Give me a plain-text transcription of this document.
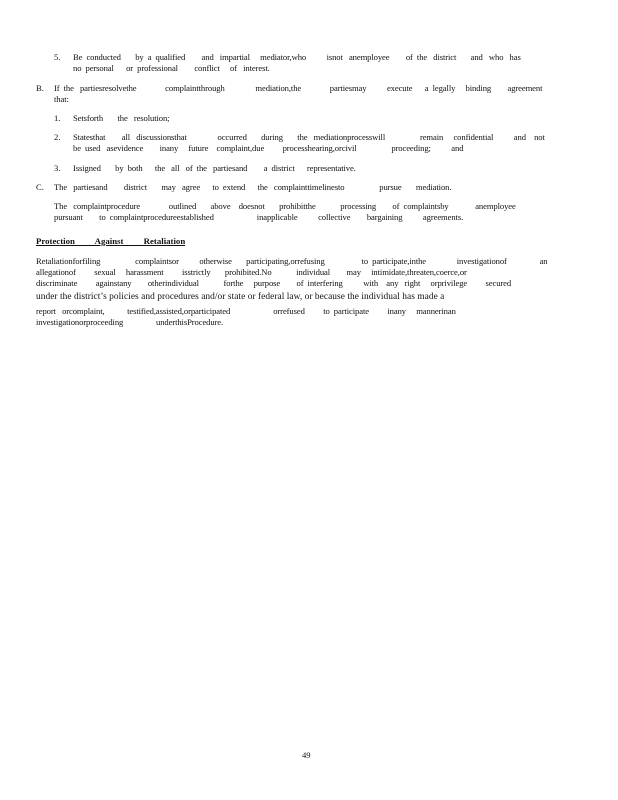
5. Be  conducted       by  a  qualified        and   impartial     mediator,who          isnot   anemployee        of  the   district       and   who   has
no  personal      or  professional        conflict     of   interest.
B. If  the   partiesresolvethe              complaintthrough               mediation,the              partiesmay          execute      a  legally     binding        agreement
that:
1. Setsforth       the   resolution;
2. Statesthat        all   discussionsthat               occurred       during       the   mediationprocesswill                 remain     confidential          and    not
be  used   asevidence        inany     future    complaint,due         processhearing,orcivil                 proceeding;          and
3. Issigned       by  both      the   all   of  the   partiesand        a  district      representative.
C. The   partiesand        district       may   agree      to  extend      the   complainttimelinesto                 pursue       mediation.
The   complaintprocedure              outlined       above    doesnot       prohibitthe            processing        of  complaintsby             anemployee
pursuant        to  complaintprocedureestablished                     inapplicable          collective        bargaining          agreements.
Protection Against Retaliation
Retaliationforfiling                 complaintsor          otherwise       participating,orrefusing                  to  participate,inthe               investigationof                an
allegationof         sexual     harassment         isstrictly       prohibited.No            individual        may     intimidate,threaten,coerce,or
discriminate         againstany        otherindividual            forthe     purpose        of  interfering          with    any   right     orprivilege         secured
under the district’s policies and procedures and/or state or federal law, or because the individual has made a
report   orcomplaint,           testified,assisted,orparticipated                     orrefused         to  participate         inany     mannerinan
investigationorproceeding                underthisProcedure.
49
